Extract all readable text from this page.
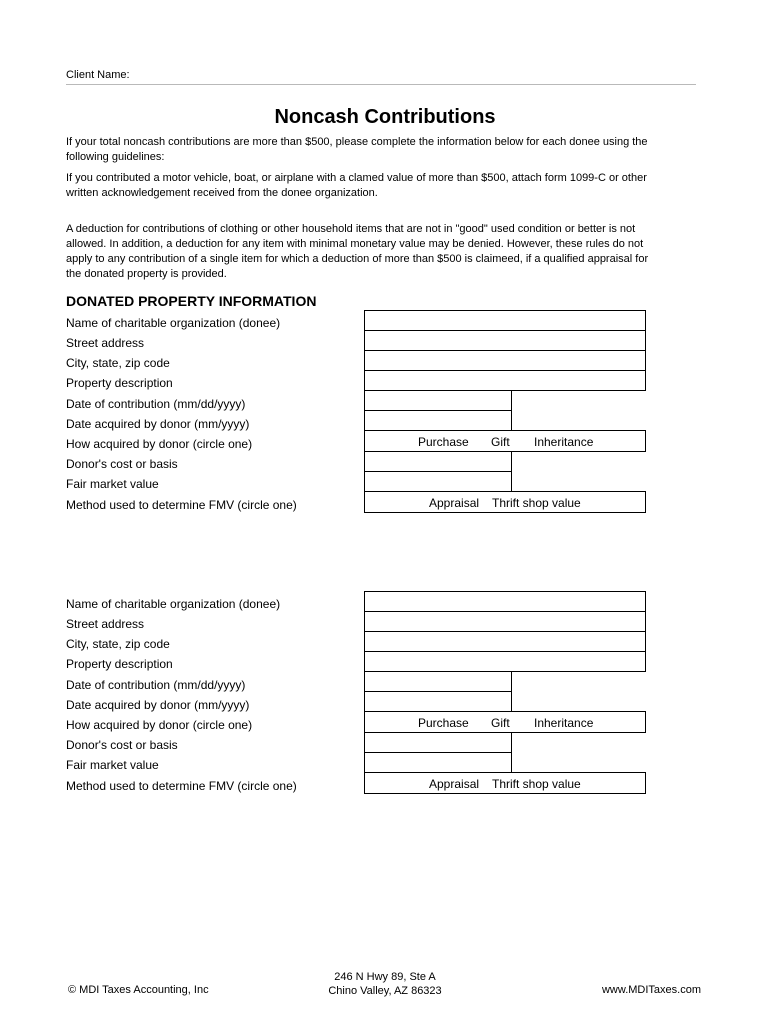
Client Name:
Noncash Contributions
If your total noncash contributions are more than $500, please complete the information below for each donee using the following guidelines:
If you contributed a motor vehicle, boat, or airplane with a clamed value of more than $500, attach form 1099-C or other written acknowledgement received from the donee organization.
A deduction for contributions of clothing or other household items that are not in "good" used condition or better is not allowed. In addition, a deduction for any item with minimal monetary value may be denied. However, these rules do not apply to any contribution of a single item for which a deduction of more than $500 is claimeed, if a qualified appraisal for the donated property is provided.
DONATED PROPERTY INFORMATION
Name of charitable organization (donee)
Street address
City, state, zip code
Property description
Date of contribution (mm/dd/yyyy)
Date acquired by donor (mm/yyyy)
How acquired by donor (circle one)
Donor's cost or basis
Fair market value
Method used to determine FMV (circle one)
Purchase Gift Inheritance
Appraisal Thrift shop value
Name of charitable organization (donee)
Street address
City, state, zip code
Property description
Date of contribution (mm/dd/yyyy)
Date acquired by donor (mm/yyyy)
How acquired by donor (circle one)
Donor's cost or basis
Fair market value
Method used to determine FMV (circle one)
Purchase Gift Inheritance
Appraisal Thrift shop value
© MDI Taxes Accounting, Inc
246 N Hwy 89, Ste A
Chino Valley, AZ 86323	www.MDITaxes.com
